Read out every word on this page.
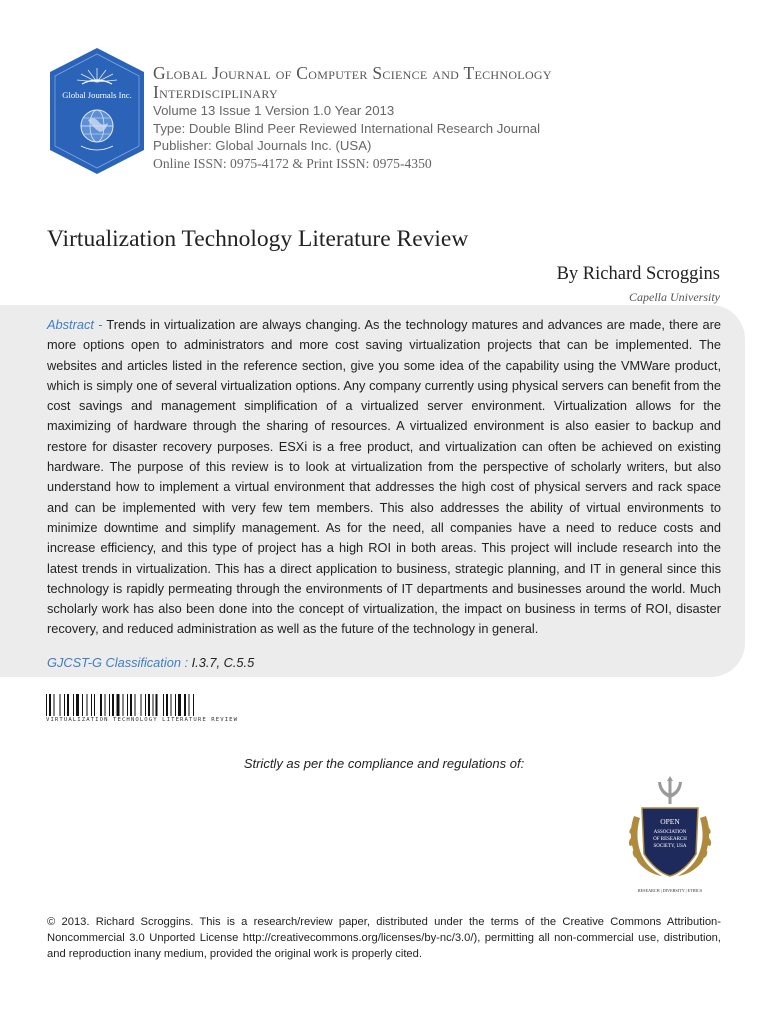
Global Journals Inc.
Global Journal of Computer Science and Technology
Interdisciplinary
Volume 13 Issue 1 Version 1.0 Year 2013
Type: Double Blind Peer Reviewed International Research Journal
Publisher: Global Journals Inc. (USA)
Online ISSN: 0975-4172 & Print ISSN: 0975-4350
Virtualization Technology Literature Review
By Richard Scroggins
Capella University

Abstract - Trends in virtualization are always changing. As the technology matures and advances are made, there are more options open to administrators and more cost saving virtualization projects that can be implemented. The websites and articles listed in the reference section, give you some idea of the capability using the VMWare product, which is simply one of several virtualization options. Any company currently using physical servers can benefit from the cost savings and management simplification of a virtualized server environment. Virtualization allows for the maximizing of hardware through the sharing of resources. A virtualized environment is also easier to backup and restore for disaster recovery purposes. ESXi is a free product, and virtualization can often be achieved on existing hardware. The purpose of this review is to look at virtualization from the perspective of scholarly writers, but also understand how to implement a virtual environment that addresses the high cost of physical servers and rack space and can be implemented with very few tem members. This also addresses the ability of virtual environments to minimize downtime and simplify management. As for the need, all companies have a need to reduce costs and increase efficiency, and this type of project has a high ROI in both areas. This project will include research into the latest trends in virtualization. This has a direct application to business, strategic planning, and IT in general since this technology is rapidly permeating through the environments of IT departments and businesses around the world. Much scholarly work has also been done into the concept of virtualization, the impact on business in terms of ROI, disaster recovery, and reduced administration as well as the future of the technology in general.

GJCST-G Classification : I.3.7, C.5.5
VIRTUALIZATION TECHNOLOGY LITERATURE REVIEW
Strictly as per the compliance and regulations of:
OPEN
ASSOCIATION
OF RESEARCH
SOCIETY, USA
RESEARCH | DIVERSITY | ETHICS

© 2013. Richard Scroggins. This is a research/review paper, distributed under the terms of the Creative Commons Attribution-Noncommercial 3.0 Unported License http://creativecommons.org/licenses/by-nc/3.0/), permitting all non-commercial use, distribution, and reproduction inany medium, provided the original work is properly cited.
